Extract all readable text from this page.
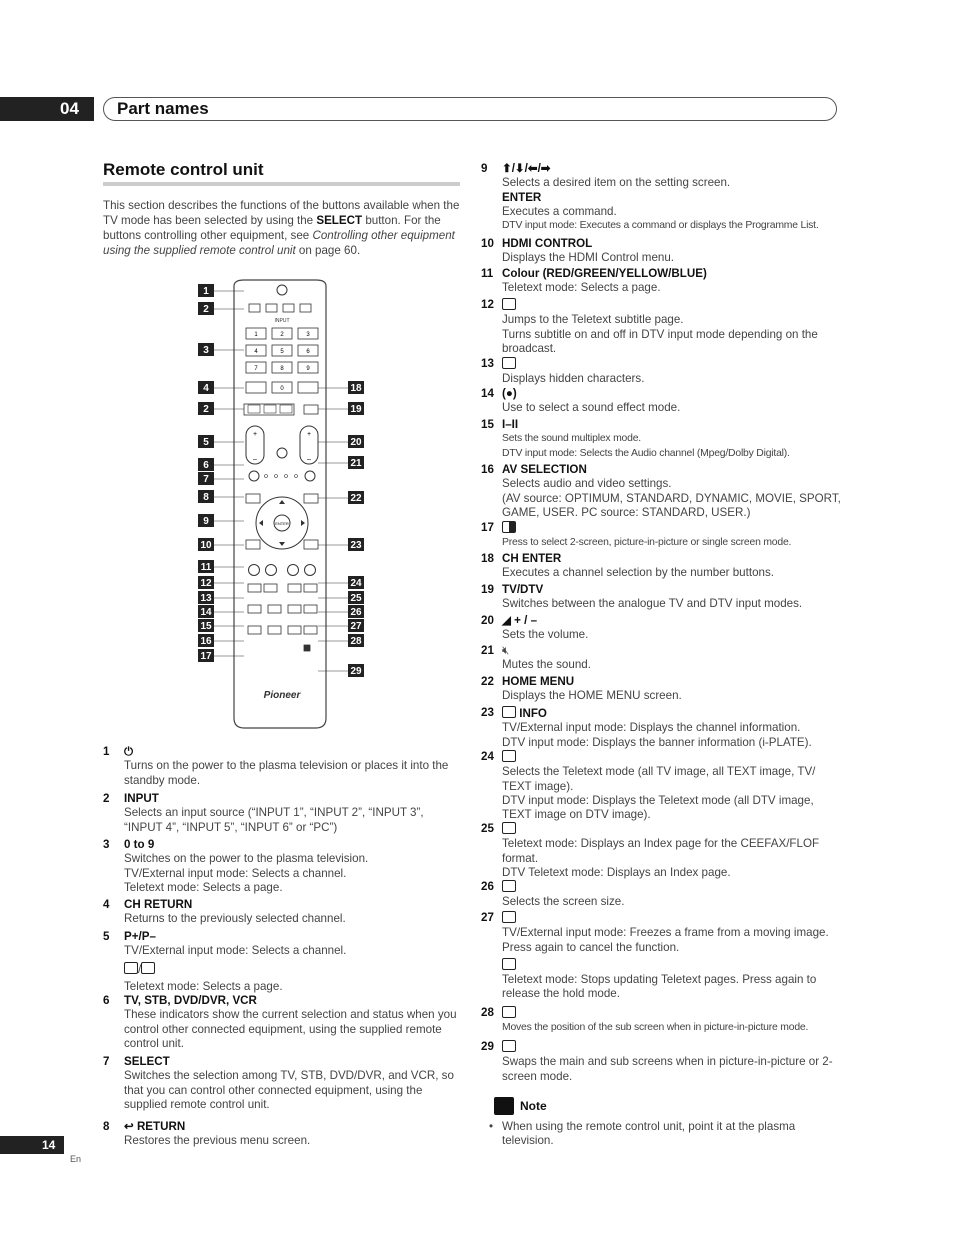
04 Part names
Remote control unit
This section describes the functions of the buttons available when the TV mode has been selected by using the SELECT button. For the buttons controlling other equipment, see Controlling other equipment using the supplied remote control unit on page 60.
INPUT
1	2	3
4	5	6
7	8	9
0
+
–
+
–
ENTER
Pioneer
1
2
3
4
2
5
6
7
8
9
10
11
12
13
14
15
16
17
18
19
20
21
22
23
24
25
26
27
28
29
1 ⏻
Turns on the power to the plasma television or places it into the standby mode.
2 INPUT
Selects an input source (“INPUT 1”, “INPUT 2”, “INPUT 3”, “INPUT 4”, “INPUT 5”, “INPUT 6” or “PC”)
3 0 to 9
Switches on the power to the plasma television.
TV/External input mode: Selects a channel.
Teletext mode: Selects a page.
4 CH RETURN
Returns to the previously selected channel.
5 P+/P–
TV/External input mode: Selects a channel.
/
Teletext mode: Selects a page.
6 TV, STB, DVD/DVR, VCR
These indicators show the current selection and status when you control other connected equipment, using the supplied remote control unit.
7 SELECT
Switches the selection among TV, STB, DVD/DVR, and VCR, so that you can control other connected equipment, using the supplied remote control unit.
8 ↩ RETURN
Restores the previous menu screen.
9 ⬆/⬇/⬅/➡
Selects a desired item on the setting screen.
ENTER
Executes a command.
DTV input mode: Executes a command or displays the Programme List.
10 HDMI CONTROL
Displays the HDMI Control menu.
11 Colour (RED/GREEN/YELLOW/BLUE)
Teletext mode: Selects a page.
12
Jumps to the Teletext subtitle page.
Turns subtitle on and off in DTV input mode depending on the broadcast.
13
Displays hidden characters.
14 (●)
Use to select a sound effect mode.
15 I–II
Sets the sound multiplex mode.
DTV input mode: Selects the Audio channel (Mpeg/Dolby Digital).
16 AV SELECTION
Selects audio and video settings.
(AV source: OPTIMUM, STANDARD, DYNAMIC, MOVIE, SPORT, GAME, USER. PC source: STANDARD, USER.)
17
Press to select 2-screen, picture-in-picture or single screen mode.
18 CH ENTER
Executes a channel selection by the number buttons.
19 TV/DTV
Switches between the analogue TV and DTV input modes.
20 ◢ + / –
Sets the volume.
21 🔇︎
Mutes the sound.
22 HOME MENU
Displays the HOME MENU screen.
23	INFO
TV/External input mode: Displays the channel information.
DTV input mode: Displays the banner information (i-PLATE).
24
Selects the Teletext mode (all TV image, all TEXT image, TV/ TEXT image).
DTV input mode: Displays the Teletext mode (all DTV image, TEXT image on DTV image).
25
Teletext mode: Displays an Index page for the CEEFAX/FLOF format.
DTV Teletext mode: Displays an Index page.
26
Selects the screen size.
27
TV/External input mode: Freezes a frame from a moving image. Press again to cancel the function.
Teletext mode: Stops updating Teletext pages. Press again to release the hold mode.
28
Moves the position of the sub screen when in picture-in-picture mode.
29
Swaps the main and sub screens when in picture-in-picture or 2-screen mode.
Note
• When using the remote control unit, point it at the plasma television.
14
En
